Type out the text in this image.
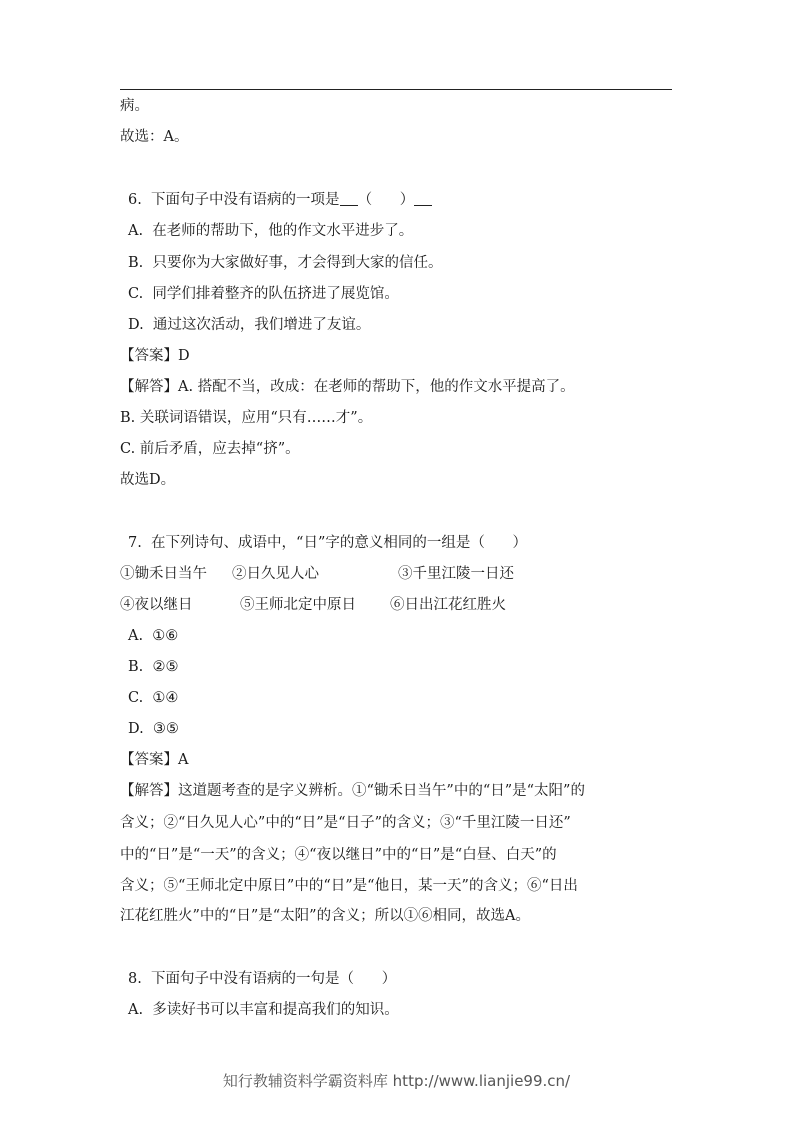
病。
故选：A。
6.  下面句子中没有语病的一项是 （      ）
A.  在老师的帮助下，他的作文水平进步了。
B.  只要你为大家做好事，才会得到大家的信任。
C.  同学们排着整齐的队伍挤进了展览馆。
D.  通过这次活动，我们增进了友谊。
【答案】D
【解答】A. 搭配不当，改成：在老师的帮助下，他的作文水平提高了。
B. 关联词语错误，应用“只有……才”。
C. 前后矛盾，应去掉“挤”。
故选D。
7.  在下列诗句、成语中，“日”字的意义相同的一组是（      ）
①锄禾日当午 ②日久见人心	③千里江陵一日还
④夜以继日	⑤王师北定中原日 ⑥日出江花红胜火
A.  ①⑥
B.  ②⑤
C.  ①④
D.  ③⑤
【答案】A
【解答】这道题考查的是字义辨析。①“锄禾日当午”中的“日”是“太阳”的
含义；②“日久见人心”中的“日”是“日子”的含义；③“千里江陵一日还”
中的“日”是“一天”的含义；④“夜以继日”中的“日”是“白昼、白天”的
含义；⑤“王师北定中原日”中的“日”是“他日，某一天”的含义；⑥“日出
江花红胜火”中的“日”是“太阳”的含义；所以①⑥相同，故选A。
8.  下面句子中没有语病的一句是（      ）
A.  多读好书可以丰富和提高我们的知识。
知行教辅资料学霸资料库 http://www.lianjie99.cn/
